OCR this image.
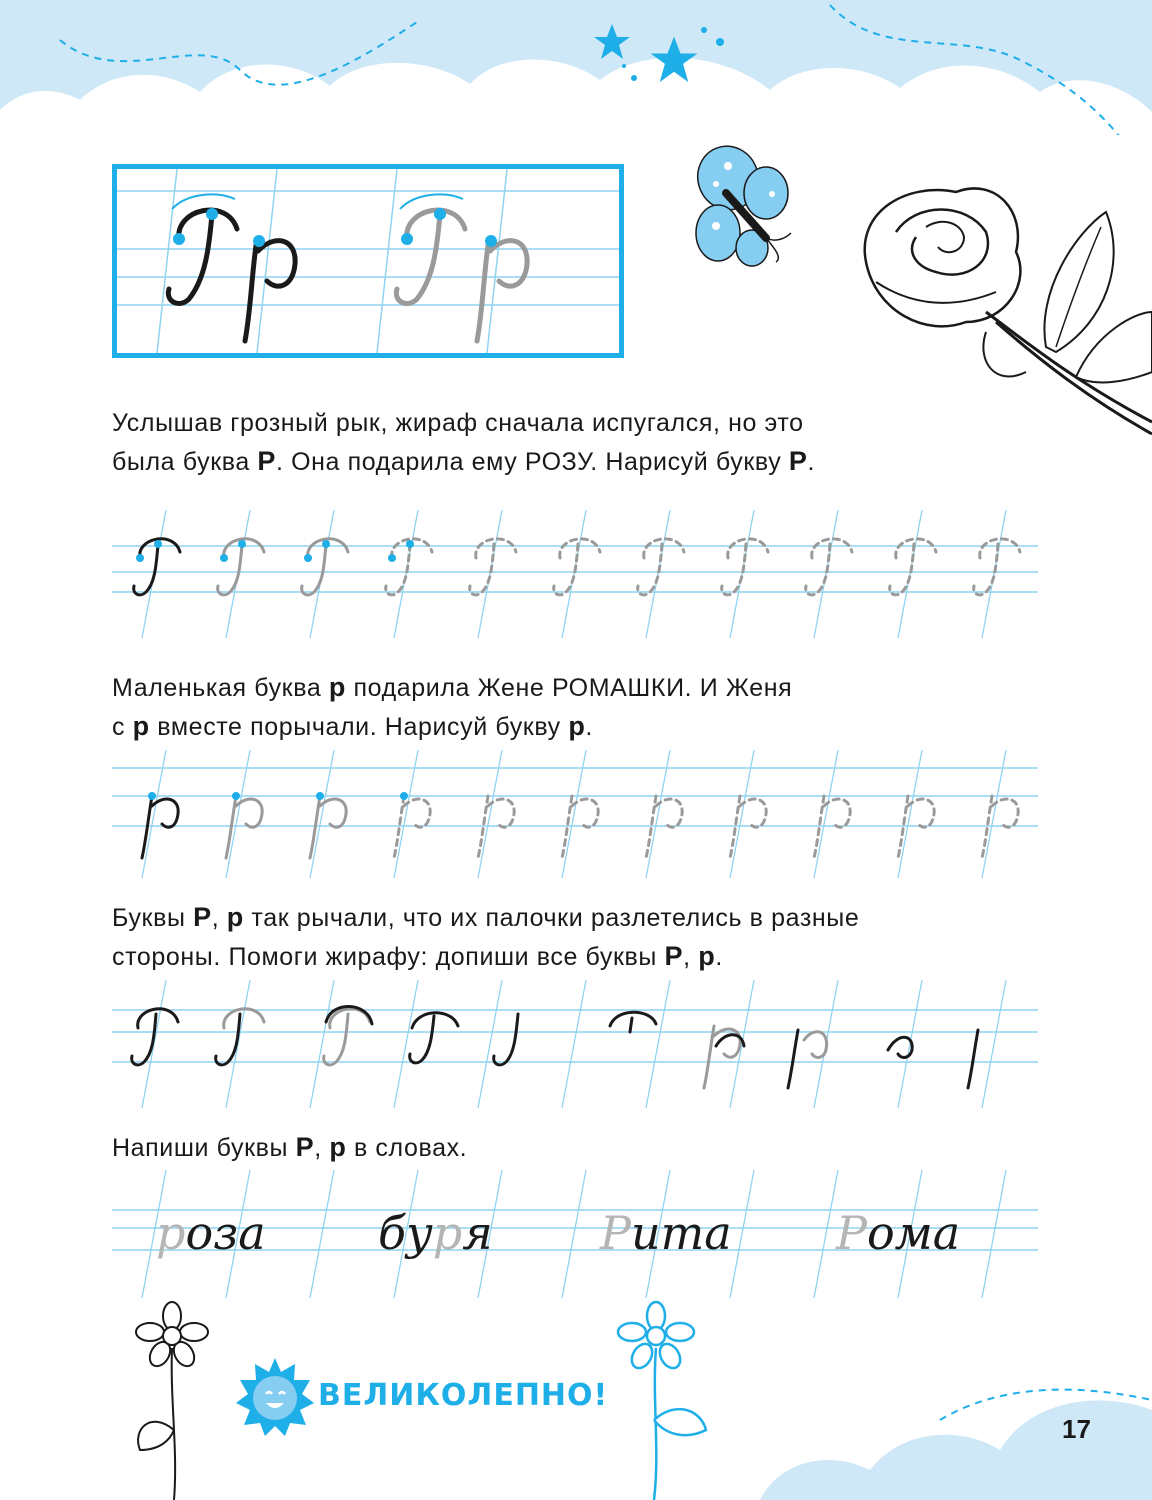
Услышав грозный рык, жираф сначала испугался, но это

была буква Р. Она подарила ему РОЗУ. Нарисуй букву Р.

Маленькая буква р подарила Жене РОМАШКИ. И Женя

с р вместе порычали. Нарисуй букву р.

Буквы Р, р так рычали, что их палочки разлетелись в разные

стороны. Помоги жирафу: допиши все буквы Р, р.

Напиши буквы Р, р в словах.

роза буря Рита Рома
ВЕЛИКОЛЕПНО!
17
